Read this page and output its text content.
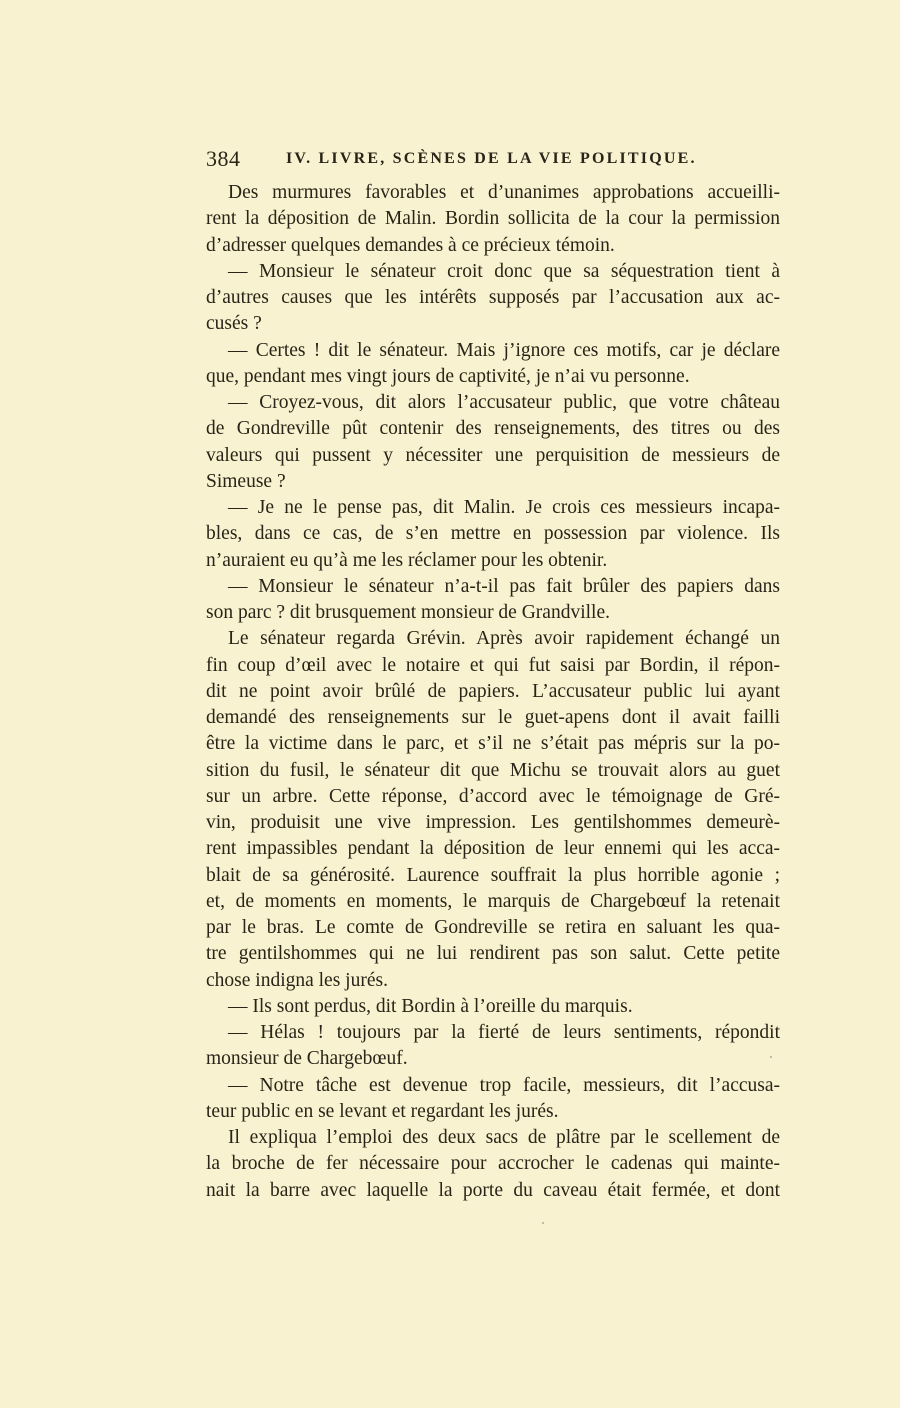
384	IV. LIVRE, SCÈNES DE LA VIE POLITIQUE.
Des murmures favorables et d’unanimes approbations accueilli-
rent la déposition de Malin. Bordin sollicita de la cour la permission
d’adresser quelques demandes à ce précieux témoin.
— Monsieur le sénateur croit donc que sa séquestration tient à
d’autres causes que les intérêts supposés par l’accusation aux ac-
cusés ?
— Certes ! dit le sénateur. Mais j’ignore ces motifs, car je déclare
que, pendant mes vingt jours de captivité, je n’ai vu personne.
— Croyez-vous, dit alors l’accusateur public, que votre château
de Gondreville pût contenir des renseignements, des titres ou des
valeurs qui pussent y nécessiter une perquisition de messieurs de
Simeuse ?
— Je ne le pense pas, dit Malin. Je crois ces messieurs incapa-
bles, dans ce cas, de s’en mettre en possession par violence. Ils
n’auraient eu qu’à me les réclamer pour les obtenir.
— Monsieur le sénateur n’a-t-il pas fait brûler des papiers dans
son parc ? dit brusquement monsieur de Grandville.
Le sénateur regarda Grévin. Après avoir rapidement échangé un
fin coup d’œil avec le notaire et qui fut saisi par Bordin, il répon-
dit ne point avoir brûlé de papiers. L’accusateur public lui ayant
demandé des renseignements sur le guet-apens dont il avait failli
être la victime dans le parc, et s’il ne s’était pas mépris sur la po-
sition du fusil, le sénateur dit que Michu se trouvait alors au guet
sur un arbre. Cette réponse, d’accord avec le témoignage de Gré-
vin, produisit une vive impression. Les gentilshommes demeurè-
rent impassibles pendant la déposition de leur ennemi qui les acca-
blait de sa générosité. Laurence souffrait la plus horrible agonie ;
et, de moments en moments, le marquis de Chargebœuf la retenait
par le bras. Le comte de Gondreville se retira en saluant les qua-
tre gentilshommes qui ne lui rendirent pas son salut. Cette petite
chose indigna les jurés.
— Ils sont perdus, dit Bordin à l’oreille du marquis.
— Hélas ! toujours par la fierté de leurs sentiments, répondit
monsieur de Chargebœuf.
— Notre tâche est devenue trop facile, messieurs, dit l’accusa-
teur public en se levant et regardant les jurés.
Il expliqua l’emploi des deux sacs de plâtre par le scellement de
la broche de fer nécessaire pour accrocher le cadenas qui mainte-
nait la barre avec laquelle la porte du caveau était fermée, et dont
